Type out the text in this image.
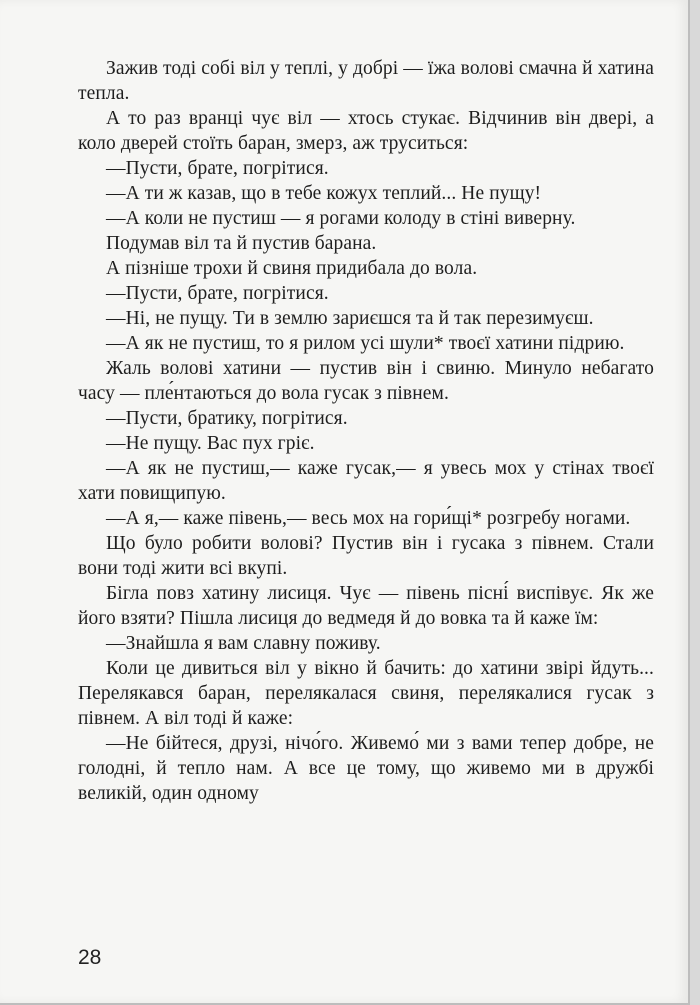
Зажив тоді собі віл у теплі, у добрі — їжа волові смачна й хатина тепла.

А то раз вранці чує віл — хтось стукає. Відчинив він двері, а коло дверей стоїть баран, змерз, аж труситься:

—Пусти, брате, погрітися.

—А ти ж казав, що в тебе кожух теплий... Не пущу!

—А коли не пустиш — я рогами колоду в стіні виверну.

Подумав віл та й пустив барана.

А пізніше трохи й свиня придибала до вола.

—Пусти, брате, погрітися.

—Ні, не пущу. Ти в землю зариєшся та й так перезимуєш.

—А як не пустиш, то я рилом усі шули* твоєї хатини підрию.

Жаль волові хатини — пустив він і свиню. Минуло небагато часу — пле́нтаються до вола гусак з півнем.

—Пусти, братику, погрітися.

—Не пущу. Вас пух гріє.

—А як не пустиш,— каже гусак,— я увесь мох у стінах твоєї хати повищипую.

—А я,— каже півень,— весь мох на гори́щі* розгребу ногами.

Що було робити волові? Пустив він і гусака з півнем. Стали вони тоді жити всі вкупі.

Бігла повз хатину лисиця. Чує — півень пісні́ виспівує. Як же його взяти? Пішла лисиця до ведмедя й до вовка та й каже їм:

—Знайшла я вам славну поживу.

Коли це дивиться віл у вікно й бачить: до хатини звірі йдуть... Перелякався баран, перелякалася свиня, перелякалися гусак з півнем. А віл тоді й каже:

—Не бійтеся, друзі, нічо́го. Живемо́ ми з вами тепер добре, не голодні, й тепло нам. А все це тому, що живемо ми в дружбі великій, один одному

28
